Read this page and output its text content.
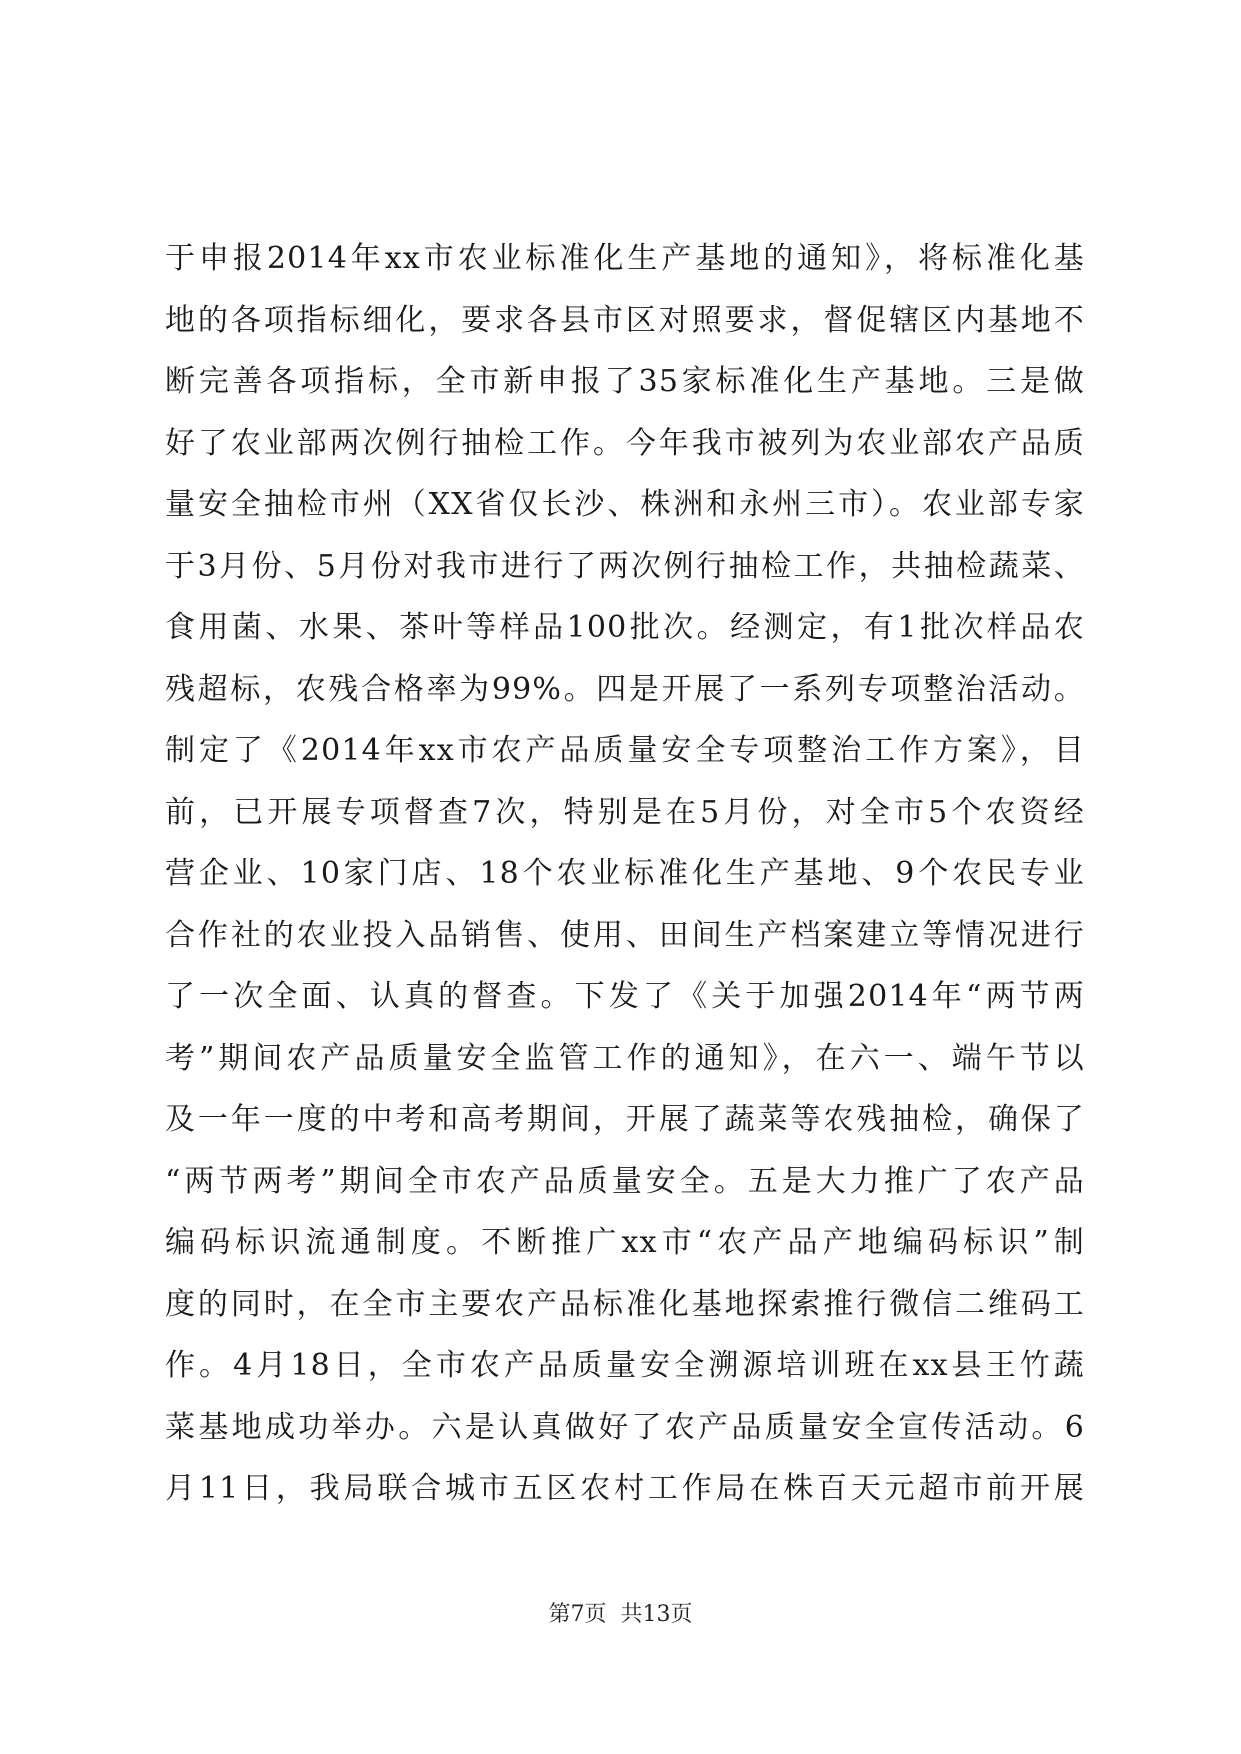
于申报2014年xx市农业标准化生产基地的通知》，将标准化基
地的各项指标细化，要求各县市区对照要求，督促辖区内基地不
断完善各项指标，全市新申报了35家标准化生产基地。三是做
好了农业部两次例行抽检工作。今年我市被列为农业部农产品质
量安全抽检市州（XX省仅长沙、株洲和永州三市）。农业部专家
于3月份、5月份对我市进行了两次例行抽检工作，共抽检蔬菜、
食用菌、水果、茶叶等样品100批次。经测定，有1批次样品农
残超标，农残合格率为99%。四是开展了一系列专项整治活动。
制定了《2014年xx市农产品质量安全专项整治工作方案》，目
前，已开展专项督查7次，特别是在5月份，对全市5个农资经
营企业、10家门店、18个农业标准化生产基地、9个农民专业
合作社的农业投入品销售、使用、田间生产档案建立等情况进行
了一次全面、认真的督查。下发了《关于加强2014年“两节两
考”期间农产品质量安全监管工作的通知》，在六一、端午节以
及一年一度的中考和高考期间，开展了蔬菜等农残抽检，确保了
“两节两考”期间全市农产品质量安全。五是大力推广了农产品
编码标识流通制度。不断推广xx市“农产品产地编码标识”制
度的同时，在全市主要农产品标准化基地探索推行微信二维码工
作。4月18日，全市农产品质量安全溯源培训班在xx县王竹蔬
菜基地成功举办。六是认真做好了农产品质量安全宣传活动。6
月11日，我局联合城市五区农村工作局在株百天元超市前开展
第7页 共13页
